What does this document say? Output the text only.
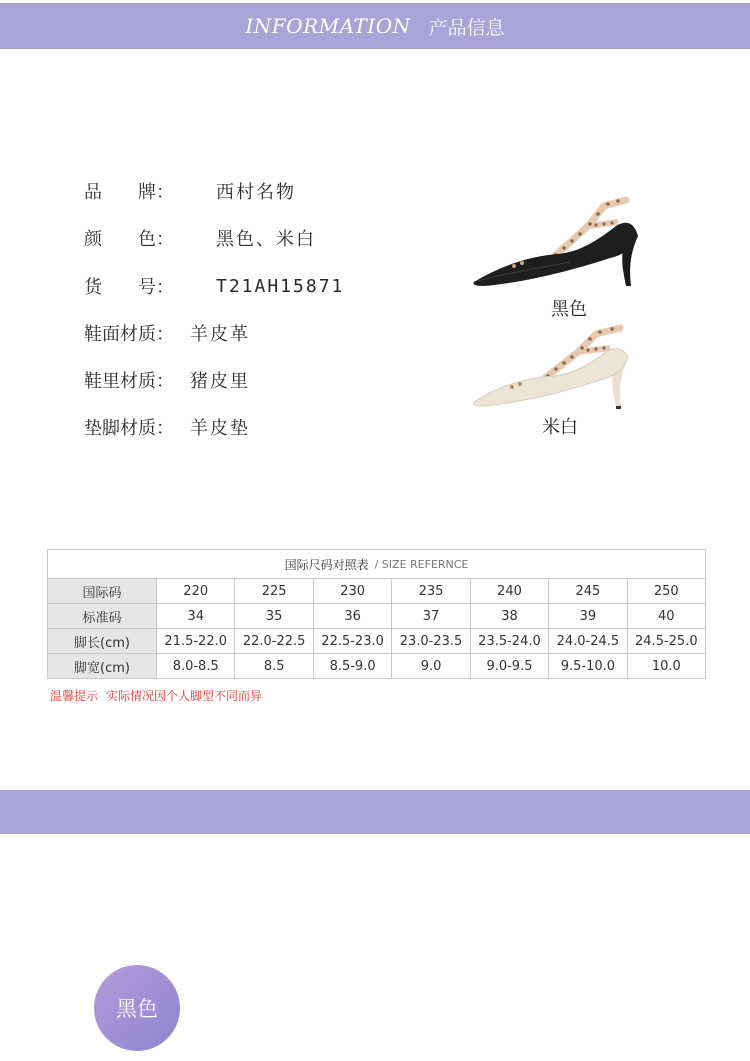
INFORMATION 产品信息
品　　牌：	西村名物
颜　　色：	黑色、米白
货　　号：	T21AH15871
鞋面材质： 羊皮革
鞋里材质： 猪皮里
垫脚材质： 羊皮垫
黑色
米白
国际尺码对照表 / SIZE REFERNCE
国际码	220	225	230	235	240	245	250
标准码	34	35	36	37	38	39	40
脚长(cm)	21.5-22.0	22.0-22.5	22.5-23.0	23.0-23.5	23.5-24.0	24.0-24.5	24.5-25.0
脚宽(cm)	8.0-8.5	8.5	8.5-9.0	9.0	9.0-9.5	9.5-10.0	10.0
温馨提示 实际情况因个人脚型不同而异
黑色
